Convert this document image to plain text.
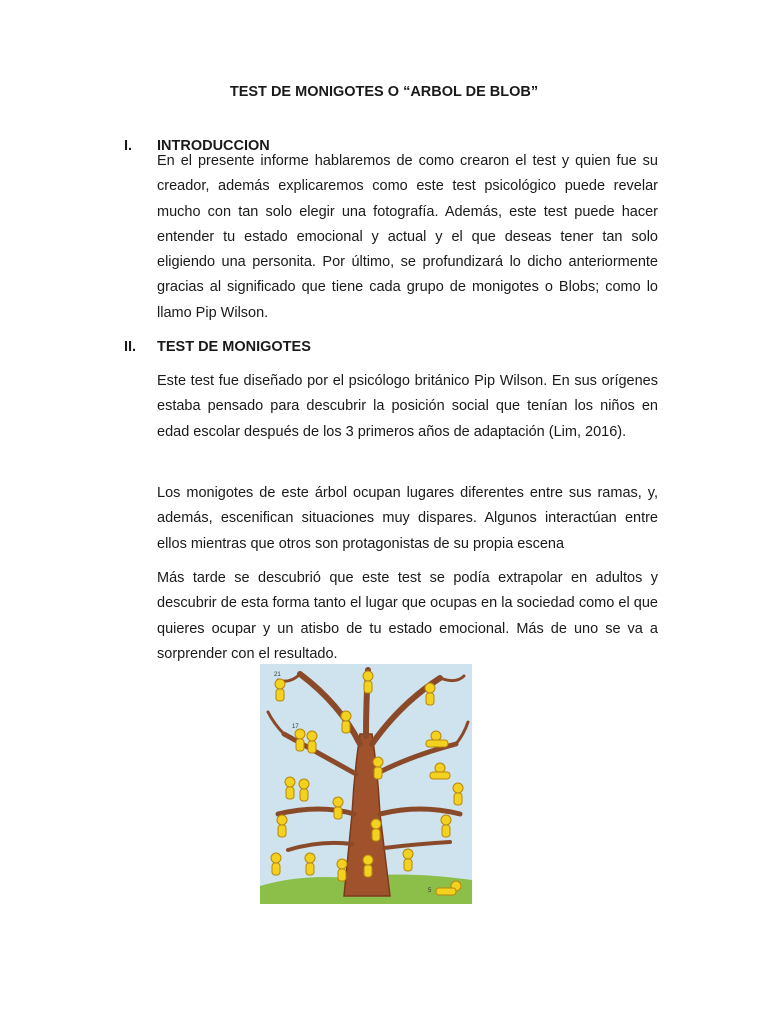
TEST DE MONIGOTES O “ARBOL DE BLOB”
I. INTRODUCCION
En el presente informe hablaremos de como crearon el test y quien fue su creador, además explicaremos como este test psicológico puede revelar mucho con tan solo elegir una fotografía. Además, este test puede hacer entender tu estado emocional y actual y el que deseas tener tan solo eligiendo una personita. Por último, se profundizará lo dicho anteriormente gracias al significado que tiene cada grupo de monigotes o Blobs; como lo llamo Pip Wilson.
II. TEST DE MONIGOTES
Este test fue diseñado por el psicólogo británico Pip Wilson. En sus orígenes estaba pensado para descubrir la posición social que tenían los niños en edad escolar después de los 3 primeros años de adaptación (Lim, 2016).
Los monigotes de este árbol ocupan lugares diferentes entre sus ramas, y, además, escenifican situaciones muy dispares. Algunos interactúan entre ellos mientras que otros son protagonistas de su propia escena
Más tarde se descubrió que este test se podía extrapolar en adultos y descubrir de esta forma tanto el lugar que ocupas en la sociedad como el que quieres ocupar y un atisbo de tu estado emocional. Más de uno se va a sorprender con el resultado.
21
17
5
